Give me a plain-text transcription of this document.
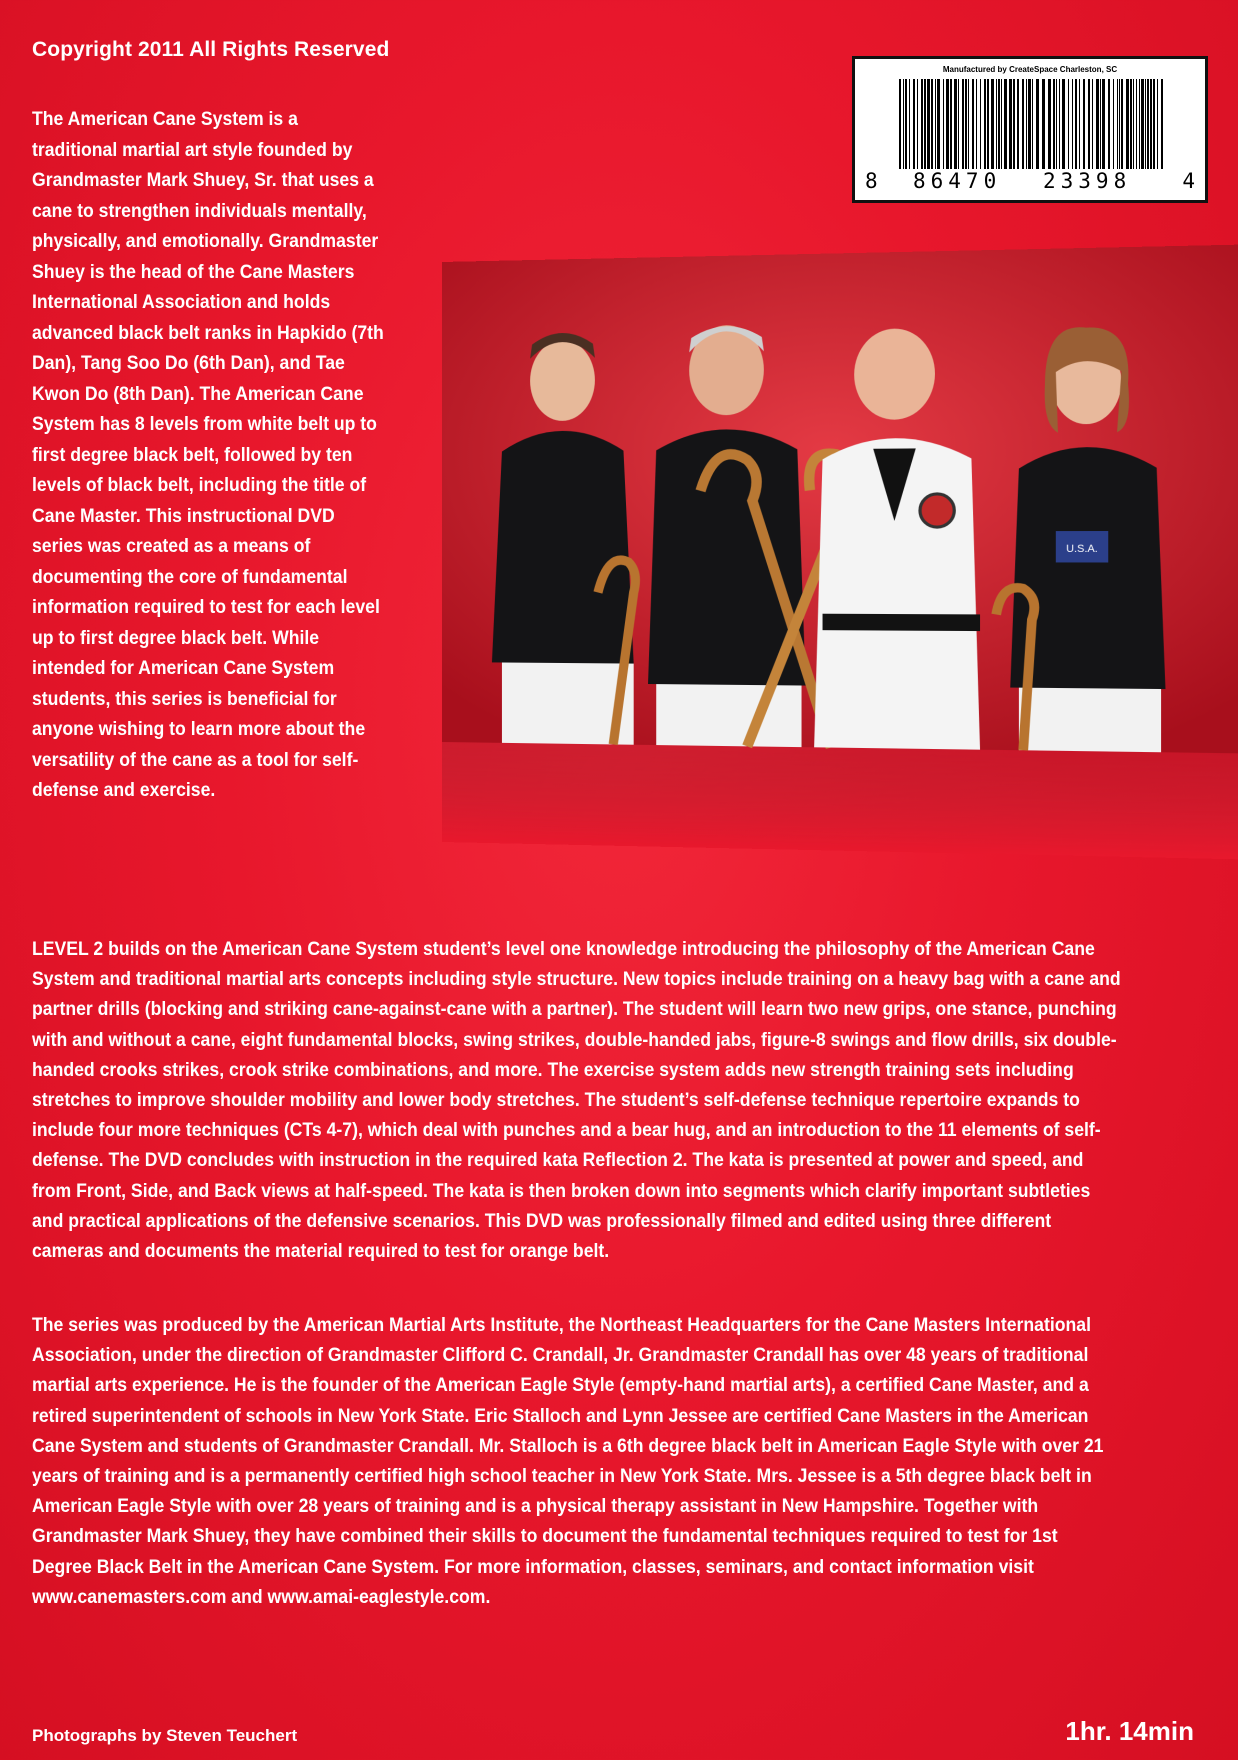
Copyright 2011 All Rights Reserved
Manufactured by CreateSpace Charleston, SC
8 86470 23398 4
The American Cane System is a traditional martial art style founded by Grandmaster Mark Shuey, Sr. that uses a cane to strengthen individuals mentally, physically, and emotionally. Grandmaster Shuey is the head of the Cane Masters International Association and holds advanced black belt ranks in Hapkido (7th Dan), Tang Soo Do (6th Dan), and Tae Kwon Do (8th Dan). The American Cane System has 8 levels from white belt up to first degree black belt, followed by ten levels of black belt, including the title of Cane Master. This instructional DVD series was created as a means of documenting the core of fundamental information required to test for each level up to first degree black belt. While intended for American Cane System students, this series is beneficial for anyone wishing to learn more about the versatility of the cane as a tool for self-defense and exercise.
U.S.A.
LEVEL 2 builds on the American Cane System student’s level one knowledge introducing the philosophy of the American Cane System and traditional martial arts concepts including style structure. New topics include training on a heavy bag with a cane and partner drills (blocking and striking cane-against-cane with a partner). The student will learn two new grips, one stance, punching with and without a cane, eight fundamental blocks, swing strikes, double-handed jabs, figure-8 swings and flow drills, six double-handed crooks strikes, crook strike combinations, and more. The exercise system adds new strength training sets including stretches to improve shoulder mobility and lower body stretches. The student’s self-defense technique repertoire expands to include four more techniques (CTs 4-7), which deal with punches and a bear hug, and an introduction to the 11 elements of self-defense. The DVD concludes with instruction in the required kata Reflection 2. The kata is presented at power and speed, and from Front, Side, and Back views at half-speed. The kata is then broken down into segments which clarify important subtleties and practical applications of the defensive scenarios. This DVD was professionally filmed and edited using three different cameras and documents the material required to test for orange belt.
The series was produced by the American Martial Arts Institute, the Northeast Headquarters for the Cane Masters International Association, under the direction of Grandmaster Clifford C. Crandall, Jr. Grandmaster Crandall has over 48 years of traditional martial arts experience. He is the founder of the American Eagle Style (empty-hand martial arts), a certified Cane Master, and a retired superintendent of schools in New York State. Eric Stalloch and Lynn Jessee are certified Cane Masters in the American Cane System and students of Grandmaster Crandall. Mr. Stalloch is a 6th degree black belt in American Eagle Style with over 21 years of training and is a permanently certified high school teacher in New York State. Mrs. Jessee is a 5th degree black belt in American Eagle Style with over 28 years of training and is a physical therapy assistant in New Hampshire. Together with Grandmaster Mark Shuey, they have combined their skills to document the fundamental techniques required to test for 1st Degree Black Belt in the American Cane System. For more information, classes, seminars, and contact information visit www.canemasters.com and www.amai-eaglestyle.com.
Photographs by Steven Teuchert	1hr. 14min
